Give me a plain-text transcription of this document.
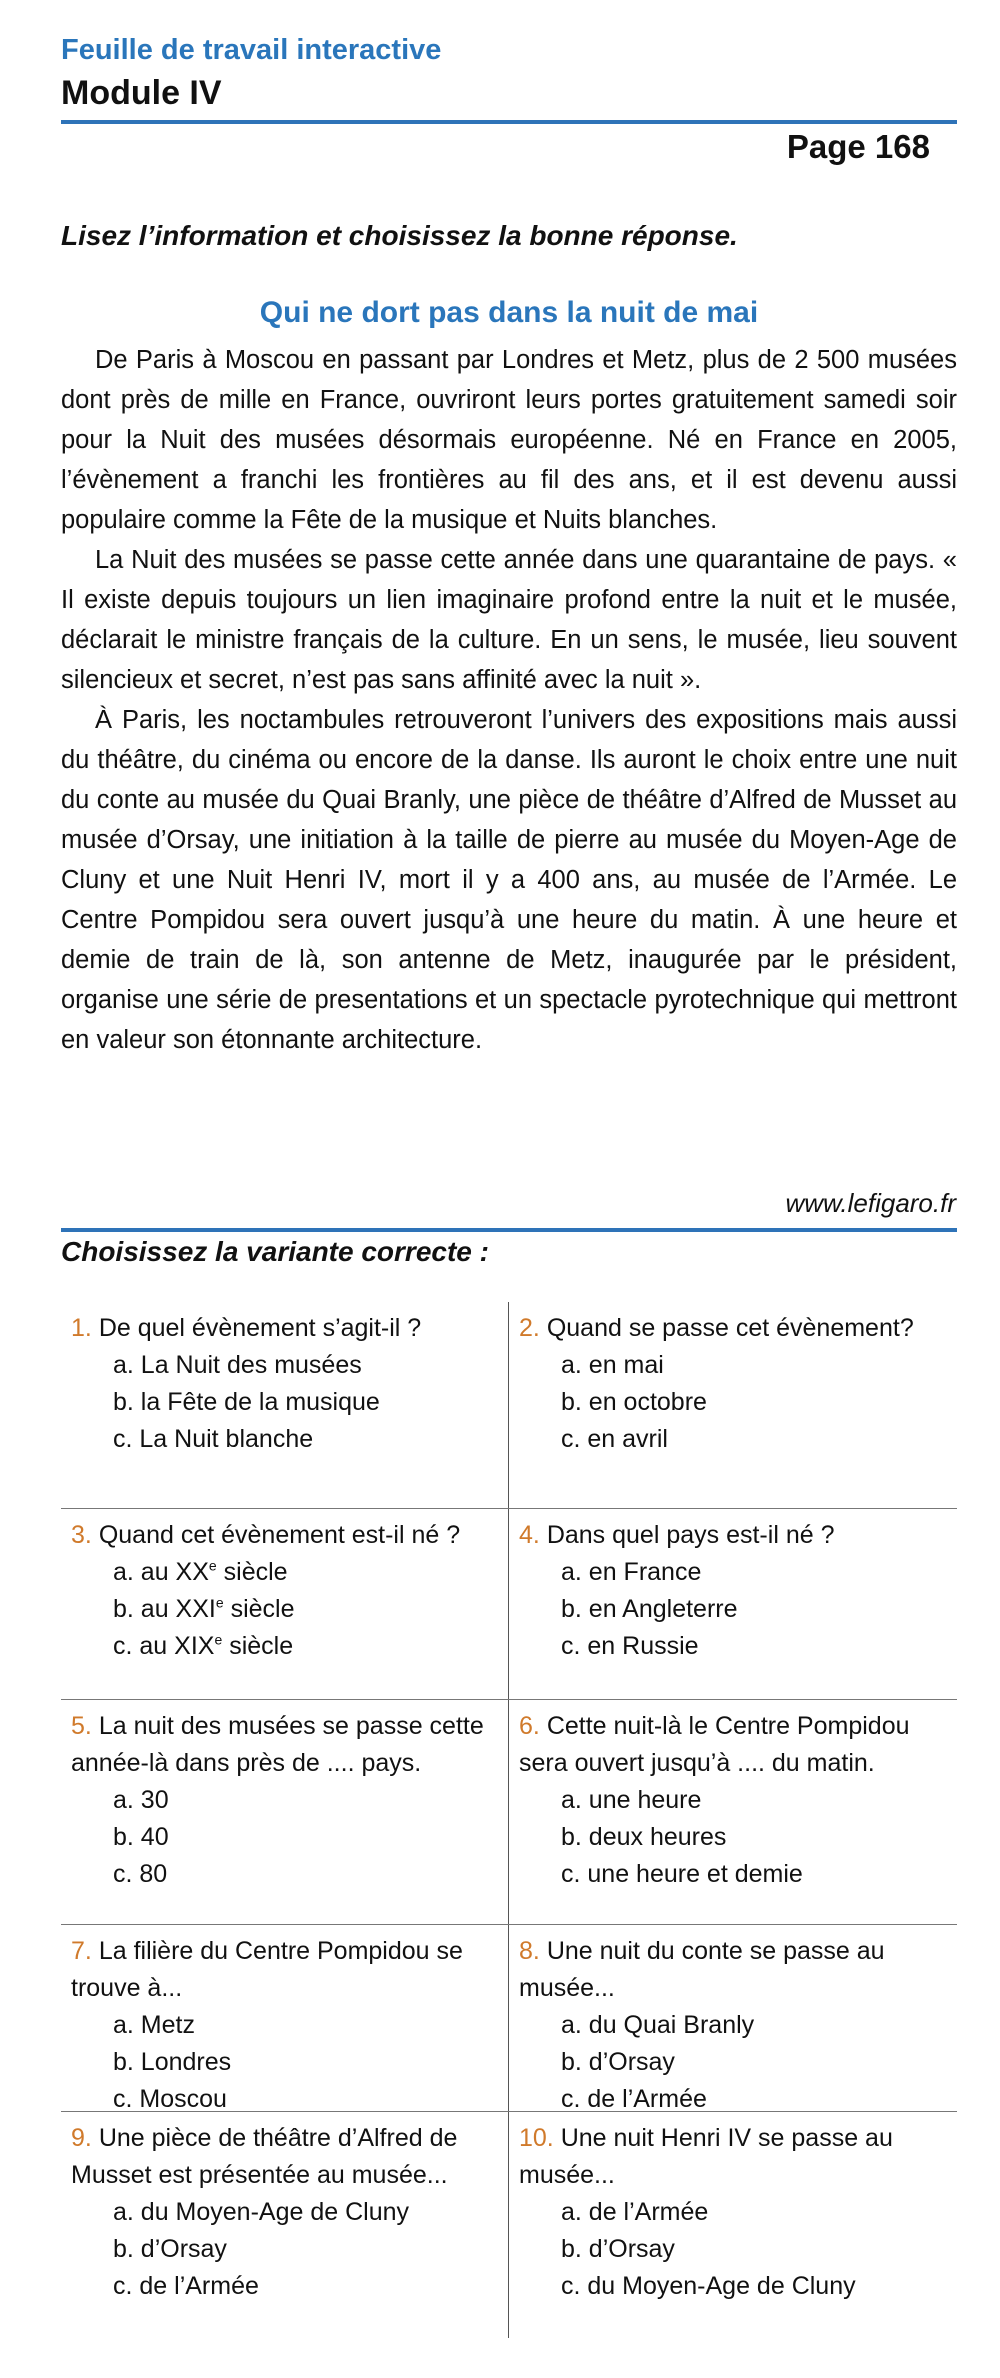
Feuille de travail interactive
Module IV
Page 168
Lisez l’information et choisissez la bonne réponse.
Qui ne dort pas dans la nuit de mai

De Paris à Moscou en passant par Londres et Metz, plus de 2 500 musées dont près de mille en France, ouvriront leurs portes gratuitement samedi soir pour la Nuit des musées désormais européenne. Né en France en 2005, l’évènement a franchi les frontières au fil des ans, et il est devenu aussi populaire comme la Fête de la musique et Nuits blanches.

La Nuit des musées se passe cette année dans une quarantaine de pays. « Il existe depuis toujours un lien imaginaire profond entre la nuit et le musée, déclarait le ministre français de la culture. En un sens, le musée, lieu souvent silencieux et secret, n’est pas sans affinité avec la nuit ».

À Paris, les noctambules retrouveront l’univers des expositions mais aussi du théâtre, du cinéma ou encore de la danse. Ils auront le choix entre une nuit du conte au musée du Quai Branly, une pièce de théâtre d’Alfred de Musset au musée d’Orsay, une initiation à la taille de pierre au musée du Moyen-Age de Cluny et une Nuit Henri IV, mort il y a 400 ans, au musée de l’Armée. Le Centre Pompidou sera ouvert jusqu’à une heure du matin. À une heure et demie de train de là, son antenne de Metz, inaugurée par le président, organise une série de presentations et un spectacle pyrotechnique qui mettront en valeur son étonnante architecture.

www.lefigaro.fr
Choisissez la variante correcte :
1. De quel évènement s’agit-il ?
a. La Nuit des musées
b. la Fête de la musique
c. La Nuit blanche
2. Quand se passe cet évènement?
a. en mai
b. en octobre
c. en avril
3. Quand cet évènement est-il né ?
a. au XXe siècle
b. au XXIe siècle
c. au XIXe siècle
4. Dans quel pays est-il né ?
a. en France
b. en Angleterre
c. en Russie
5. La nuit des musées se passe cette année-là dans près de .... pays.
a. 30
b. 40
c. 80
6. Cette nuit-là le Centre Pompidou sera ouvert jusqu’à .... du matin.
a. une heure
b. deux heures
c. une heure et demie
7. La filière du Centre Pompidou se trouve à...
a. Metz
b. Londres
c. Moscou
8. Une nuit du conte se passe au musée...
a. du Quai Branly
b. d’Orsay
c. de l’Armée
9. Une pièce de théâtre d’Alfred de Musset est présentée au musée...
a. du Moyen-Age de Cluny
b. d’Orsay
c. de l’Armée
10. Une nuit Henri IV se passe au musée...
a. de l’Armée
b. d’Orsay
c. du Moyen-Age de Cluny
